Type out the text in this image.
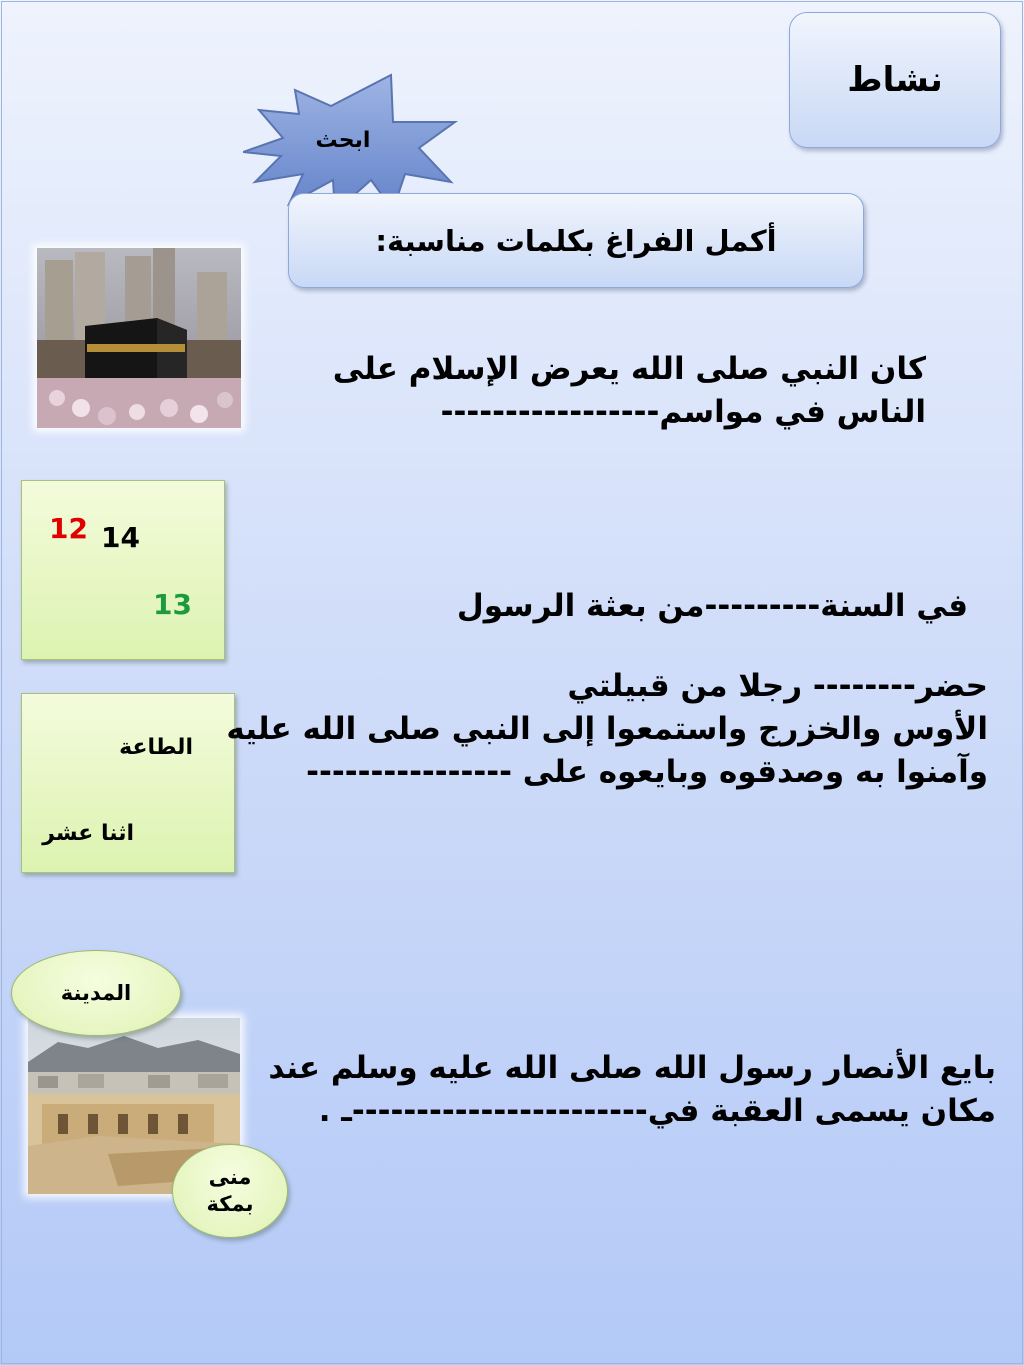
نشاط
ابحث
أكمل الفراغ بكلمات مناسبة:
كان النبي صلى الله يعرض الإسلام على
الناس في مواسم-----------------
12 14
13	في السنة---------من بعثة الرسول
الطاعة
اثنا عشر
حضر-------- رجلا من قبيلتي
الأوس والخزرج واستمعوا إلى النبي صلى الله عليه
وآمنوا به وصدقوه وبايعوه على ----------------
المدينة
منى
بمكة
بايع الأنصار رسول الله صلى الله عليه وسلم عند
مكان يسمى العقبة في-----------------------ـ .
